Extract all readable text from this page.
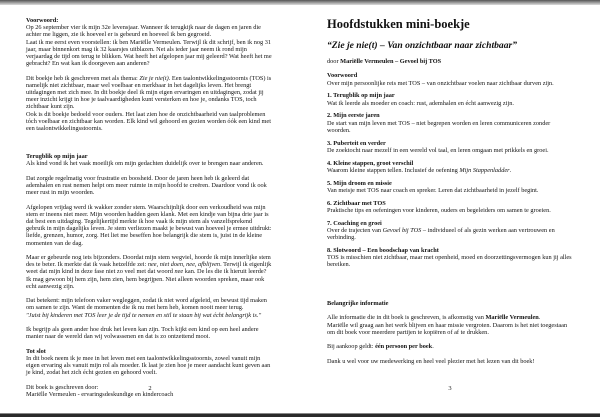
Voorwoord:
Op 26 september vier ik mijn 32e levensjaar. Wanneer ik terugkijk naar de dagen en jaren die achter me liggen, zie ik hoeveel er is gebeurd en hoeveel ik ben gegroeid.

Laat ik me eerst even voorstellen: ik ben Mariëlle Vermeulen. Terwijl ik dit schrijf, ben ik nog 31 jaar, maar binnenkort mag ik 32 kaarsjes uitblazen. Net als ieder jaar neem ik rond mijn verjaardag de tijd om terug te blikken. Wat heeft het afgelopen jaar mij geleerd? Wat heeft het me gebracht? En wat kan ik doorgeven aan anderen?

Dit boekje heb ik geschreven met als thema: Zie je nie(t). Een taalontwikkelingsstoornis (TOS) is namelijk niet zichtbaar, maar wel voelbaar en merkbaar in het dagelijks leven. Het brengt uitdagingen met zich mee. In dit boekje deel ik mijn eigen ervaringen en uitdagingen, zodat jij meer inzicht krijgt in hoe je taalvaardigheden kunt versterken en hoe je, ondanks TOS, toch zichtbaar kunt zijn.

Ook is dit boekje bedoeld voor ouders. Het laat zien hoe de onzichtbaarheid van taalproblemen tóch voelbaar en zichtbaar kan worden. Elk kind wil gehoord en gezien worden óók een kind met een taalontwikkelingsstoornis.

Terugblik op mijn jaar

Als kind vond ik het vaak moeilijk om mijn gedachten duidelijk over te brengen naar anderen.

Dat zorgde regelmatig voor frustratie en boosheid. Door de jaren heen heb ik geleerd dat ademhalen en rust nemen helpt om meer ruimte in mijn hoofd te creëren. Daardoor vond ik ook meer rust in mijn woorden.

Afgelopen vrijdag werd ik wakker zonder stem. Waarschijnlijk door een verkoudheid was mijn stem er ineens niet meer. Mijn woorden hadden geen klank. Met een kindje van bijna drie jaar is dat best een uitdaging. Tegelijkertijd merkte ik hoe vaak ik mijn stem als vanzelfsprekend gebruik in mijn dagelijks leven. Je stem verliezen maakt je bewust van hoeveel je ermee uitdrukt: liefde, grenzen, humor, zorg. Het liet me beseffen hoe belangrijk die stem is, juist in de kleine momenten van de dag.

Maar er gebeurde nog iets bijzonders. Doordat mijn stem wegviel, hoorde ik mijn innerlijke stem des te beter. Ik merkte dat ik vaak hetzelfde zei: nee, niet doen, nee, afblijven. Terwijl ik eigenlijk weet dat mijn kind in deze fase niet zo veel met dat woord nee kan. De les die ik hieruit leerde? Ik mag gewoon bij hem zijn, hem zien, hem begrijpen. Niet alleen woorden spreken, maar ook echt aanwezig zijn.

Dat betekent: mijn telefoon vaker wegleggen, zodat ik niet word afgeleid, en bewust tijd maken om samen te zijn. Want de momenten die ik nu met hem heb, komen nooit meer terug.

"Juist bij kinderen met TOS leer je de tijd te nemen en stil te staan bij wat écht belangrijk is."

Ik begrijp als geen ander hoe druk het leven kan zijn. Toch kijkt een kind op een heel andere manier naar de wereld dan wij volwassenen en dat is zo ontzettend mooi.

Tot slot

In dit boek neem ik je mee in het leven met een taalontwikkelingsstoornis, zowel vanuit mijn eigen ervaring als vanuit mijn rol als moeder. Ik laat je zien hoe je meer aandacht kunt geven aan je kind, zodat het zich écht gezien en gehoord voelt.

Dit boek is geschreven door:
Mariëlle Vermeulen - ervaringsdeskundige en kindercoach
2
Hoofdstukken mini-boekje
“Zie je nie(t) – Van onzichtbaar naar zichtbaar”

door Mariëlle Vermeulen – Gevoel bij TOS

Voorwoord
Over mijn persoonlijke reis met TOS – van onzichtbaar voelen naar zichtbaar durven zijn.
1. Terugblik op mijn jaar
Wat ik leerde als moeder en coach: rust, ademhalen en écht aanwezig zijn.
2. Mijn eerste jaren
De start van mijn leven met TOS – niet begrepen worden en leren communiceren zonder woorden.
3. Puberteit en verder
De zoektocht naar mezelf in een wereld vol taal, en leren omgaan met prikkels en groei.
4. Kleine stappen, groot verschil
Waarom kleine stappen tellen. Inclusief de oefening Mijn Stappenladder.
5. Mijn droom en missie
Van meisje met TOS naar coach en spreker. Leren dat zichtbaarheid in jezelf begint.
6. Zichtbaar met TOS
Praktische tips en oefeningen voor kinderen, ouders en begeleiders om samen te groeien.
7. Coaching en groei
Over de trajecten van Gevoel bij TOS – individueel of als gezin werken aan vertrouwen en verbinding.
8. Slotwoord – Een boodschap van kracht
TOS is misschien niet zichtbaar, maar met openheid, moed en doorzettingsvermogen kun jij alles bereiken.

Belangrijke informatie

Alle informatie die in dit boek is geschreven, is afkomstig van Mariëlle Vermeulen.

Mariëlle wil graag aan het werk blijven en haar missie vergroten. Daarom is het niet toegestaan om dit boek voor meerdere partijen te kopiëren of af te drukken.

Bij aankoop geldt: één persoon per boek.

Dank u wel voor uw medewerking en heel veel plezier met het lezen van dit boek!

3
